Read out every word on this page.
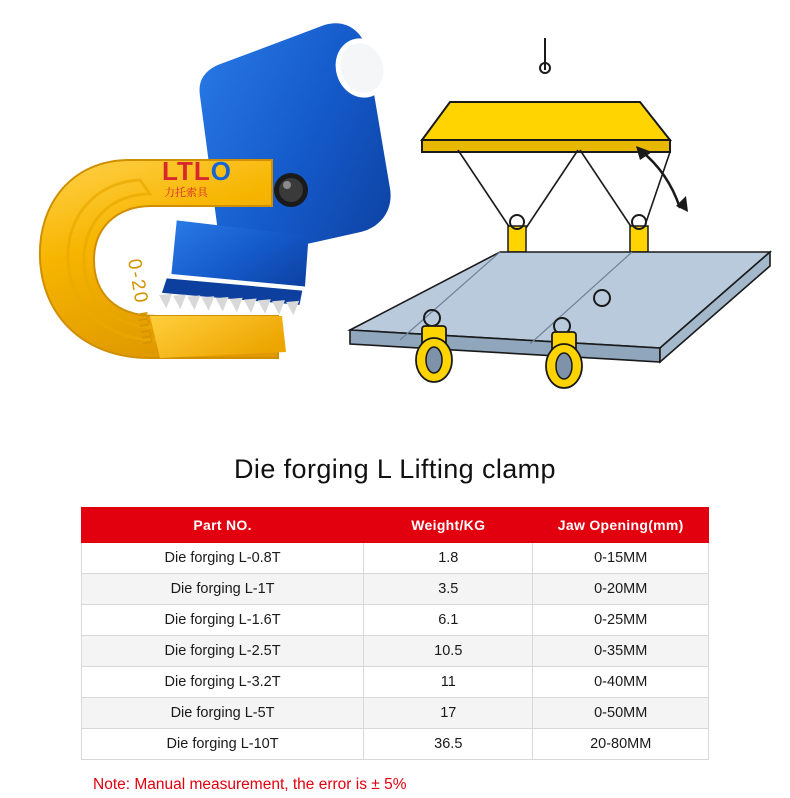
0-20 mm
LTLO
力托索具
Die forging L Lifting clamp
Part NO.	Weight/KG	Jaw Opening(mm)
Die forging L-0.8T	1.8	0-15MM
Die forging L-1T	3.5	0-20MM
Die forging L-1.6T	6.1	0-25MM
Die forging L-2.5T	10.5	0-35MM
Die forging L-3.2T	11	0-40MM
Die forging L-5T	17	0-50MM
Die forging L-10T	36.5	20-80MM
Note: Manual measurement, the error is ± 5%
